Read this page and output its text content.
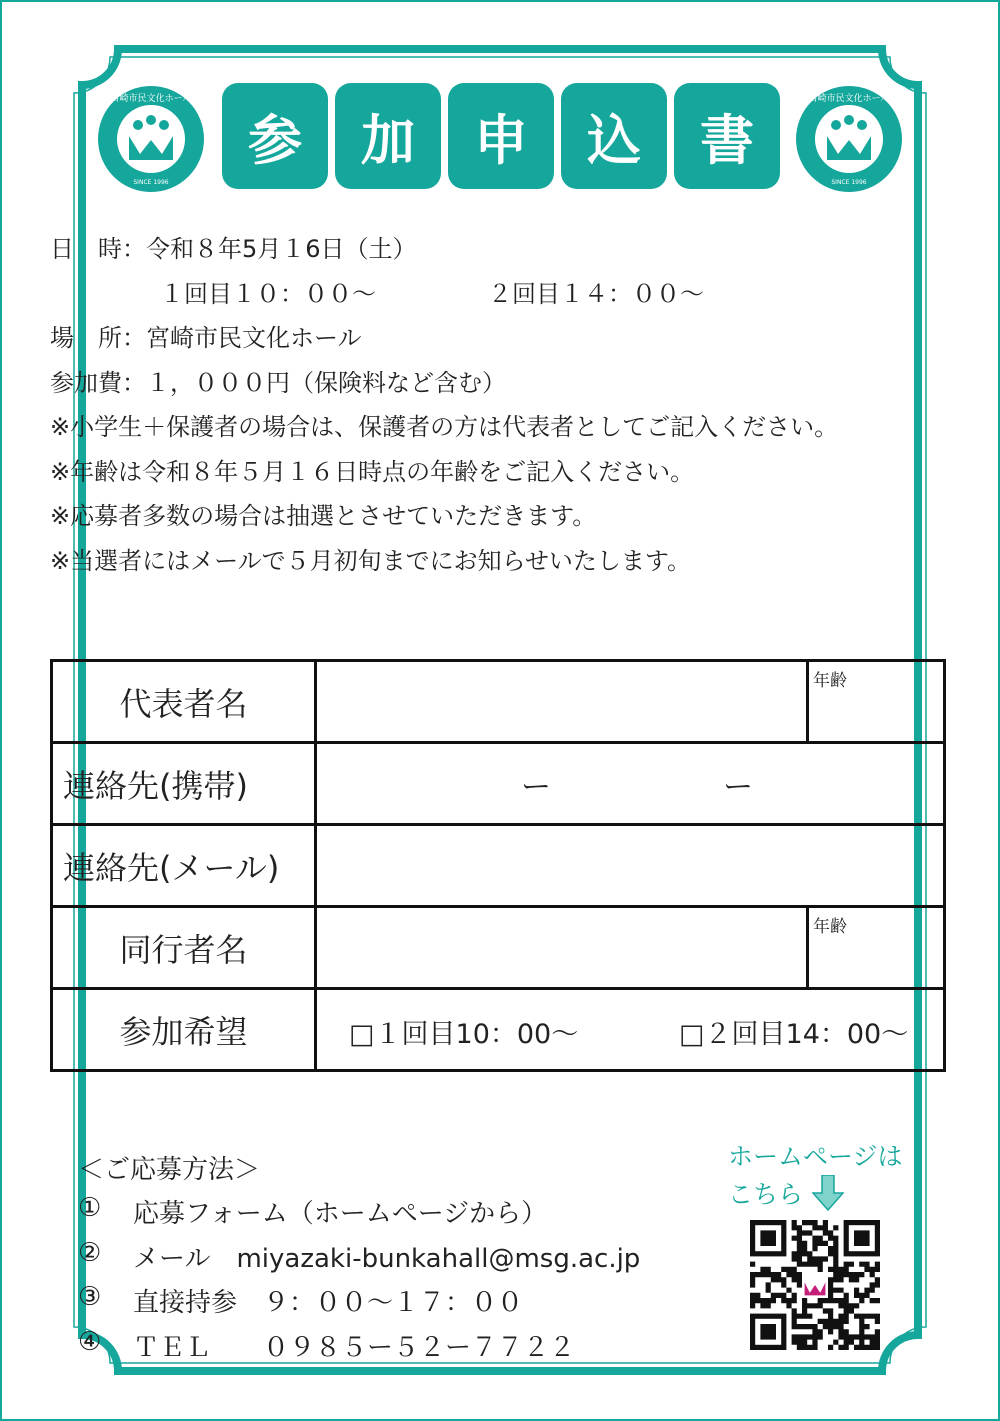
宮崎市民文化ホール
SINCE 1996
宮崎市民文化ホール
SINCE 1996
参	加	申	込	書
日　時：令和８年5月１6日（土）
１回目１０：００～	２回目１４：００～
場　所：宮崎市民文化ホール
参加費：１，０００円（保険料など含む）
※小学生＋保護者の場合は、保護者の方は代表者としてご記入ください。
※年齢は令和８年５月１６日時点の年齢をご記入ください。
※応募者多数の場合は抽選とさせていただきます。
※当選者にはメールで５月初旬までにお知らせいたします。
代表者名		年齢

連絡先(携帯)	ー ー	

連絡先(メール)		
同行者名		年齢

参加希望	□１回目10：00～ □２回目14：00～	
＜ご応募方法＞
① 応募フォーム（ホームページから）
② メール　miyazaki-bunkahall@msg.ac.jp
③ 直接持参　９：００～１７：００
④ ＴＥＬ　　０９８５ー５２ー７７２２
ホームページは
こちら
